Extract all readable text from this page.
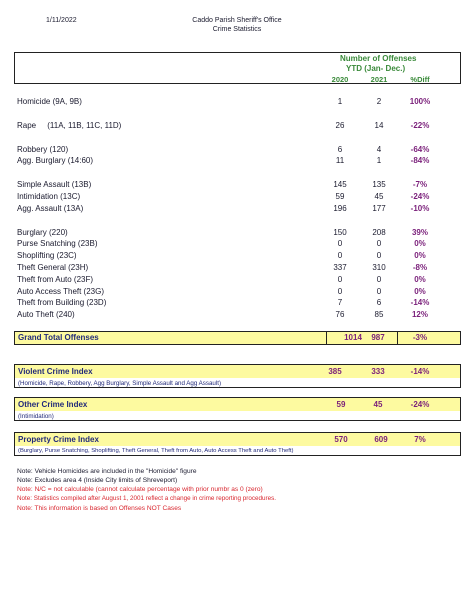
1/11/2022	Caddo Parish Sheriff's Office
Crime Statistics
Number of Offenses
YTD (Jan- Dec.)
2020	2021	%Diff
Homicide (9A, 9B)	1	2	100%
Rape     (11A, 11B, 11C, 11D)	26	14	-22%
Robbery (120)	6	4	-64%
Agg. Burglary (14:60)	11	1	-84%
Simple Assault (13B)	145	135	-7%
Intimidation (13C)	59	45	-24%
Agg. Assault (13A)	196	177	-10%
Burglary (220)	150	208	39%
Purse Snatching (23B)	0	0	0%
Shoplifting (23C)	0	0	0%
Theft General (23H)	337	310	-8%
Theft from Auto (23F)	0	0	0%
Auto Access Theft (23G)	0	0	0%
Theft from Building (23D)	7	6	-14%
Auto Theft (240)	76	85	12%
Grand Total Offenses	1014	987	-3%
Violent Crime Index	385	333	-14%
(Homicide, Rape, Robbery, Agg Burglary, Simple Assault and Agg Assault)
Other Crime Index	59	45	-24%
(Intimidation)
Property Crime Index	570	609	7%
(Burglary, Purse Snatching, Shoplifting, Theft General, Theft from Auto, Auto Access Theft and Auto Theft)
Note: Vehicle Homicides are included in the "Homicide" figure
Note: Excludes area 4 (Inside City limits of Shreveport)
Note: N/C = not calculable (cannot calculate percentage with prior numbr as 0 (zero)
Note: Statistics compiled after August 1, 2001 reflect a change in crime reporting procedures.
Note: This information is based on Offenses NOT Cases
